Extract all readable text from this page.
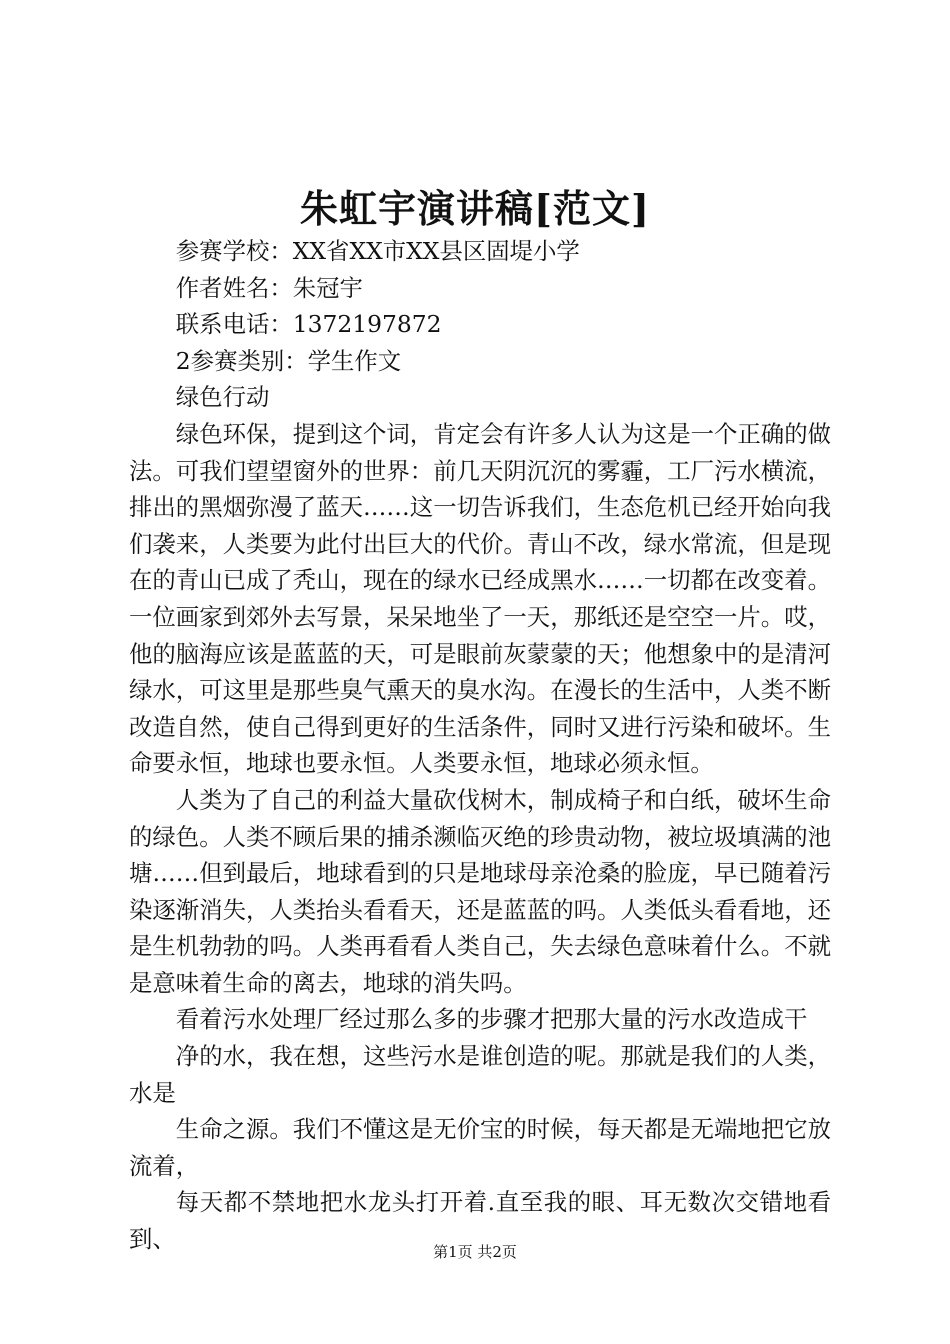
朱虹宇演讲稿[范文]

参赛学校：XX省XX市XX县区固堤小学

作者姓名：朱冠宇

联系电话：1372197872

2参赛类别：学生作文

绿色行动

绿色环保，提到这个词，肯定会有许多人认为这是一个正确的做法。可我们望望窗外的世界：前几天阴沉沉的雾霾，工厂污水横流，排出的黑烟弥漫了蓝天……这一切告诉我们，生态危机已经开始向我们袭来，人类要为此付出巨大的代价。青山不改，绿水常流，但是现在的青山已成了秃山，现在的绿水已经成黑水……一切都在改变着。一位画家到郊外去写景，呆呆地坐了一天，那纸还是空空一片。哎，他的脑海应该是蓝蓝的天，可是眼前灰蒙蒙的天；他想象中的是清河绿水，可这里是那些臭气熏天的臭水沟。在漫长的生活中，人类不断改造自然，使自己得到更好的生活条件，同时又进行污染和破坏。生命要永恒，地球也要永恒。人类要永恒，地球必须永恒。

人类为了自己的利益大量砍伐树木，制成椅子和白纸，破坏生命的绿色。人类不顾后果的捕杀濒临灭绝的珍贵动物，被垃圾填满的池塘……但到最后，地球看到的只是地球母亲沧桑的脸庞，早已随着污染逐渐消失，人类抬头看看天，还是蓝蓝的吗。人类低头看看地，还是生机勃勃的吗。人类再看看人类自己，失去绿色意味着什么。不就是意味着生命的离去，地球的消失吗。

看着污水处理厂经过那么多的步骤才把那大量的污水改造成干

净的水，我在想，这些污水是谁创造的呢。那就是我们的人类，水是

生命之源。我们不懂这是无价宝的时候，每天都是无端地把它放流着，

每天都不禁地把水龙头打开着.直至我的眼、耳无数次交错地看到、	第1页 共2页
